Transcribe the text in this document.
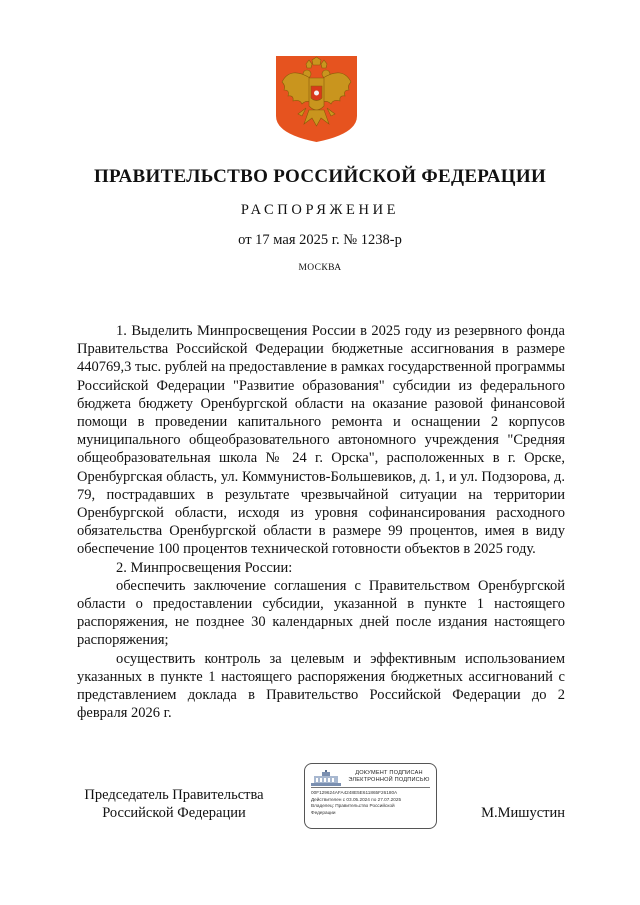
ПРАВИТЕЛЬСТВО РОССИЙСКОЙ ФЕДЕРАЦИИ
РАСПОРЯЖЕНИЕ
от 17 мая 2025 г. № 1238-р
МОСКВА

1. Выделить Минпросвещения России в 2025 году из резервного фонда Правительства Российской Федерации бюджетные ассигнования в размере 440769,3 тыс. рублей на предоставление в рамках государственной программы Российской Федерации "Развитие образования" субсидии из федерального бюджета бюджету Оренбургской области на оказание разовой финансовой помощи в проведении капитального ремонта и оснащении 2 корпусов муниципального общеобразовательного автономного учреждения "Средняя общеобразовательная школа № 24 г. Орска", расположенных в г. Орске, Оренбургская область, ул. Коммунистов-Большевиков, д. 1, и ул. Подзорова, д. 79, пострадавших в результате чрезвычайной ситуации на территории Оренбургской области, исходя из уровня софинансирования расходного обязательства Оренбургской области в размере 99 процентов, имея в виду обеспечение 100 процентов технической готовности объектов в 2025 году.

2. Минпросвещения России:

обеспечить заключение соглашения с Правительством Оренбургской области о предоставлении субсидии, указанной в пункте 1 настоящего распоряжения, не позднее 30 календарных дней после издания настоящего распоряжения;

осуществить контроль за целевым и эффективным использованием указанных в пункте 1 настоящего распоряжения бюджетных ассигнований с представлением доклада в Правительство Российской Федерации до 2 февраля 2026 г.

Председатель Правительства
Российской Федерации
ДОКУМЕНТ ПОДПИСАН
ЭЛЕКТРОННОЙ ПОДПИСЬЮ
00F129624AFA4248E5E611865F26180A
Действителен с 03.05.2024 по 27.07.2025
Владелец: Правительство Российской
Федерации	М.Мишустин
